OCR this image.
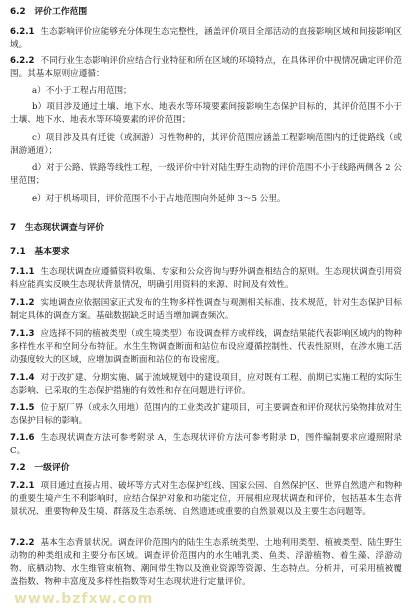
6.2　评价工作范围
6.2.1 生态影响评价应能够充分体现生态完整性，涵盖评价项目全部活动的直接影响区域和间接影响区域。
6.2.2 不同行业生态影响评价应结合行业特征和所在区域的环境特点，在具体评价中视情况确定评价范围。其基本原则应遵循：
a）不小于工程占用范围；
b）项目涉及通过土壤、地下水、地表水等环境要素间接影响生态保护目标的，其评价范围不小于土壤、地下水、地表水等环境要素的评价范围；
c）项目涉及具有迁徙（或洄游）习性物种的，其评价范围应涵盖工程影响范围内的迁徙路线（或洄游通道）；
d）对于公路、铁路等线性工程，一级评价中针对陆生野生动物的评价范围不小于线路两侧各 2 公里范围；
e）对于机场项目，评价范围不小于占地范围向外延伸 3～5 公里。
7　生态现状调查与评价
7.1　基本要求
7.1.1 生态现状调查应遵循资料收集、专家和公众咨询与野外调查相结合的原则。生态现状调查引用资料应能真实反映生态现状背景情况，明确引用资料的来源、时间及有效性。
7.1.2 实地调查应依据国家正式发布的生物多样性调查与观测相关标准、技术规范，针对生态保护目标制定具体的调查方案。基础数据缺乏时适当增加调查频次。
7.1.3 应选择不同的植被类型（或生境类型）布设调查样方或样线，调查结果能代表影响区域内的物种多样性水平和空间分布特征。水生生物调查断面和站位布设应遵循控制性、代表性原则，在涉水施工活动强度较大的区域，应增加调查断面和站位的布设密度。
7.1.4 对于改扩建、分期实施、属于流域规划中的建设项目，应对既有工程、前期已实施工程的实际生态影响、已采取的生态保护措施的有效性和存在问题进行评价。
7.1.5 位于原厂界（或永久用地）范围内的工业类改扩建项目，可主要调查和评价现状污染物排放对生态保护目标的影响。
7.1.6 生态现状调查方法可参考附录 A，生态现状评价方法可参考附录 D，图件编制要求应遵照附录 C。
7.2　一级评价
7.2.1 项目通过直接占用、破坏等方式对生态保护红线、国家公园、自然保护区、世界自然遗产和物种的重要生境产生不利影响时，应结合保护对象和功能定位，开展相应现状调查和评价，包括基本生态背景状况、重要物种及生境、群落及生态系统、自然遗迹或重要的自然景观以及主要生态问题等。
7.2.2 基本生态背景状况。调查评价范围内的陆生生态系统类型、土地利用类型、植被类型、陆生野生动物的种类组成和主要分布区域。调查评价范围内的水生哺乳类、鱼类、浮游植物、着生藻、浮游动物、底栖动物、水生维管束植物、潮间带生物以及渔业资源等资源、生态特点。分析并，可采用植被覆盖指数、物种丰富度及多样性指数等对生态现状进行定量评价。
www.bzfxw.com
